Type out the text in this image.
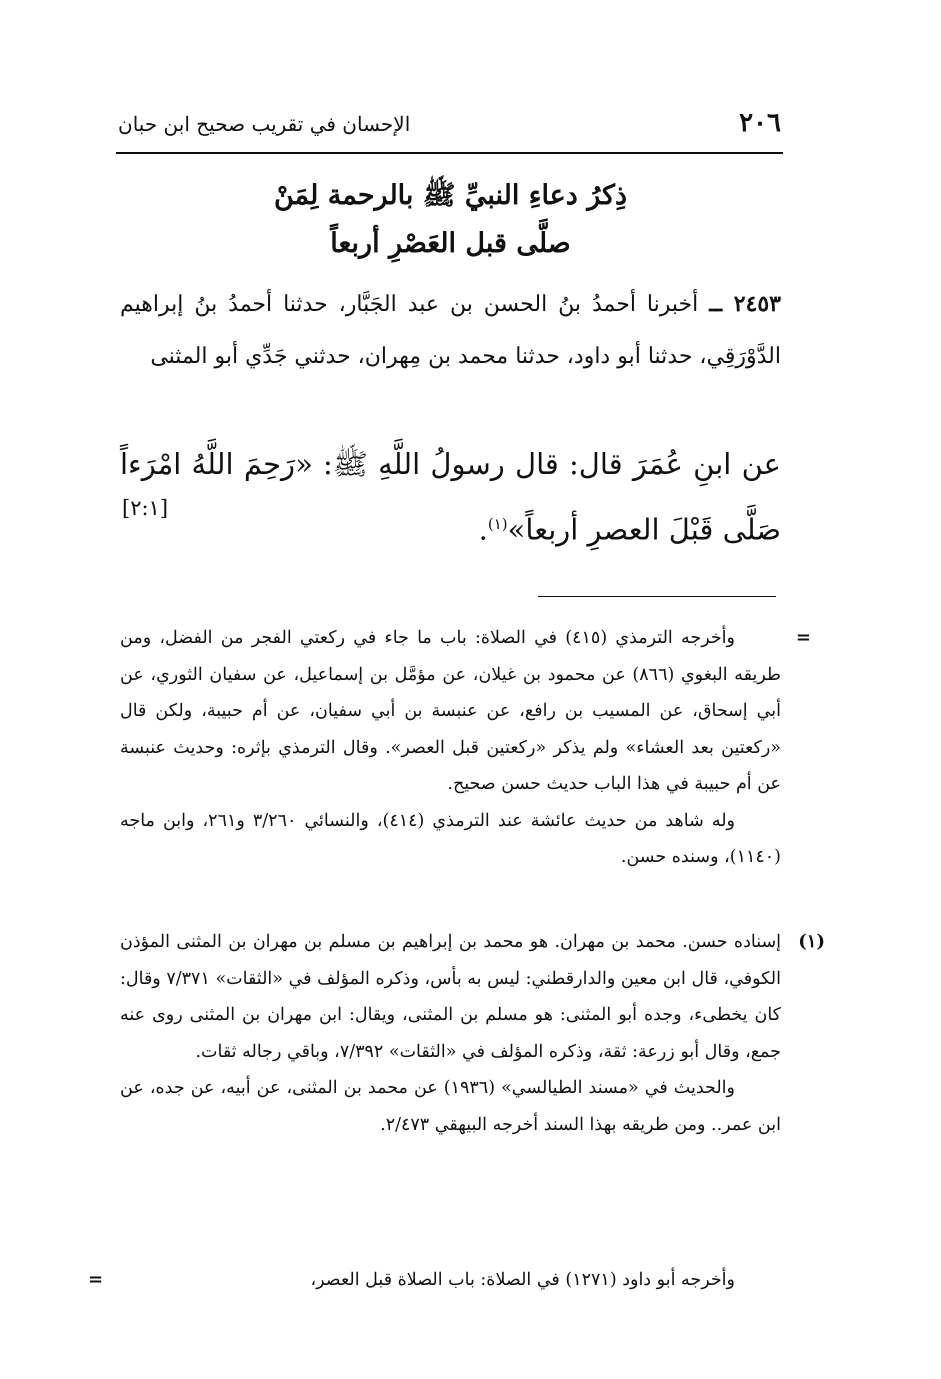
٢٠٦
الإحسان في تقريب صحيح ابن حبان
ذِكرُ دعاءِ النبيِّ ﷺ بالرحمة لِمَنْ
صلَّى قبل العَصْرِ أربعاً
٢٤٥٣ ــ أخبرنا أحمدُ بنُ الحسن بن عبد الجَبَّار، حدثنا أحمدُ بنُ إبراهيم الدَّوْرَقِي، حدثنا أبو داود، حدثنا محمد بن مِهران، حدثني جَدِّي أبو المثنى
عن ابنِ عُمَرَ قال: قال رسولُ اللَّهِ ﷺ: «رَحِمَ اللَّهُ امْرَءاً صَلَّى قَبْلَ العصرِ أربعاً»$^{(١)}$.
[٢:١]
=

وأخرجه الترمذي (٤١٥) في الصلاة: باب ما جاء في ركعتي الفجر من الفضل، ومن طريقه البغوي (٨٦٦) عن محمود بن غيلان، عن مؤمَّل بن إسماعيل، عن سفيان الثوري، عن أبي إسحاق، عن المسيب بن رافع، عن عنبسة بن أبي سفيان، عن أم حبيبة، ولكن قال «ركعتين بعد العشاء» ولم يذكر «ركعتين قبل العصر». وقال الترمذي بإثره: وحديث عنبسة عن أم حبيبة في هذا الباب حديث حسن صحيح.

وله شاهد من حديث عائشة عند الترمذي (٤١٤)، والنسائي ٣/٢٦٠ و٢٦١، وابن ماجه (١١٤٠)، وسنده حسن.

(١)

إسناده حسن. محمد بن مهران. هو محمد بن إبراهيم بن مسلم بن مهران بن المثنى المؤذن الكوفي، قال ابن معين والدارقطني: ليس به بأس، وذكره المؤلف في «الثقات» ٧/٣٧١ وقال: كان يخطىء، وجده أبو المثنى: هو مسلم بن المثنى، ويقال: ابن مهران بن المثنى روى عنه جمع، وقال أبو زرعة: ثقة، وذكره المؤلف في «الثقات» ٧/٣٩٢، وباقي رجاله ثقات.

والحديث في «مسند الطيالسي» (١٩٣٦) عن محمد بن المثنى، عن أبيه، عن جده، عن ابن عمر.. ومن طريقه بهذا السند أخرجه البيهقي ٢/٤٧٣.

=	وأخرجه أبو داود (١٢٧١) في الصلاة: باب الصلاة قبل العصر،
